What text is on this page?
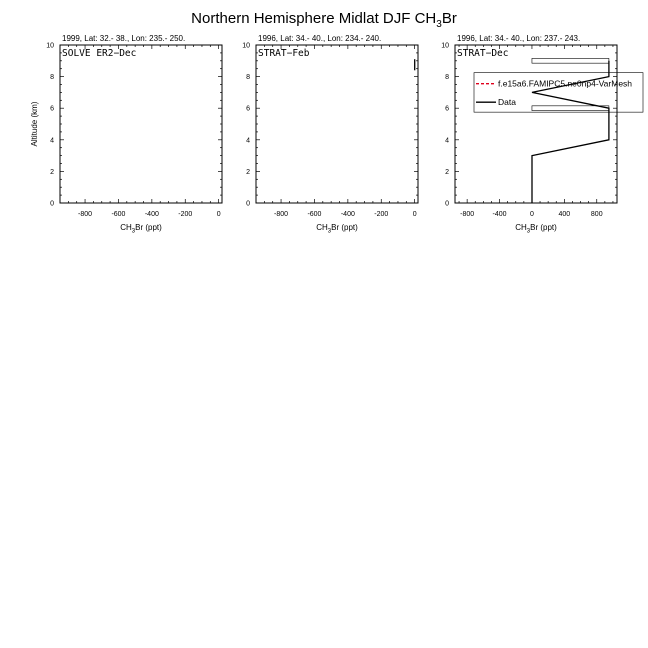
Northern Hemisphere Midlat DJF $CH_3Br$
1999, Lat: 32.- 38., Lon: 235.- 250.
SOLVE ER2−Dec
-800	-600	-400	-200	0
0
2
4
6
8
10
$CH_3Br$ (ppt)
Altitude (km)
1996, Lat: 34.- 40., Lon: 234.- 240.
STRAT−Feb
-800	-600	-400	-200	0
0
2
4
6
8
10
$CH_3Br$ (ppt)
1996, Lat: 34.- 40., Lon: 237.- 243.
STRAT−Dec
-800	-400	0	400	800
0
2
4
6
8
10
$CH_3Br$ (ppt)
f.e15a6.FAMIPC5.ne0np4-VarMesh
Data
